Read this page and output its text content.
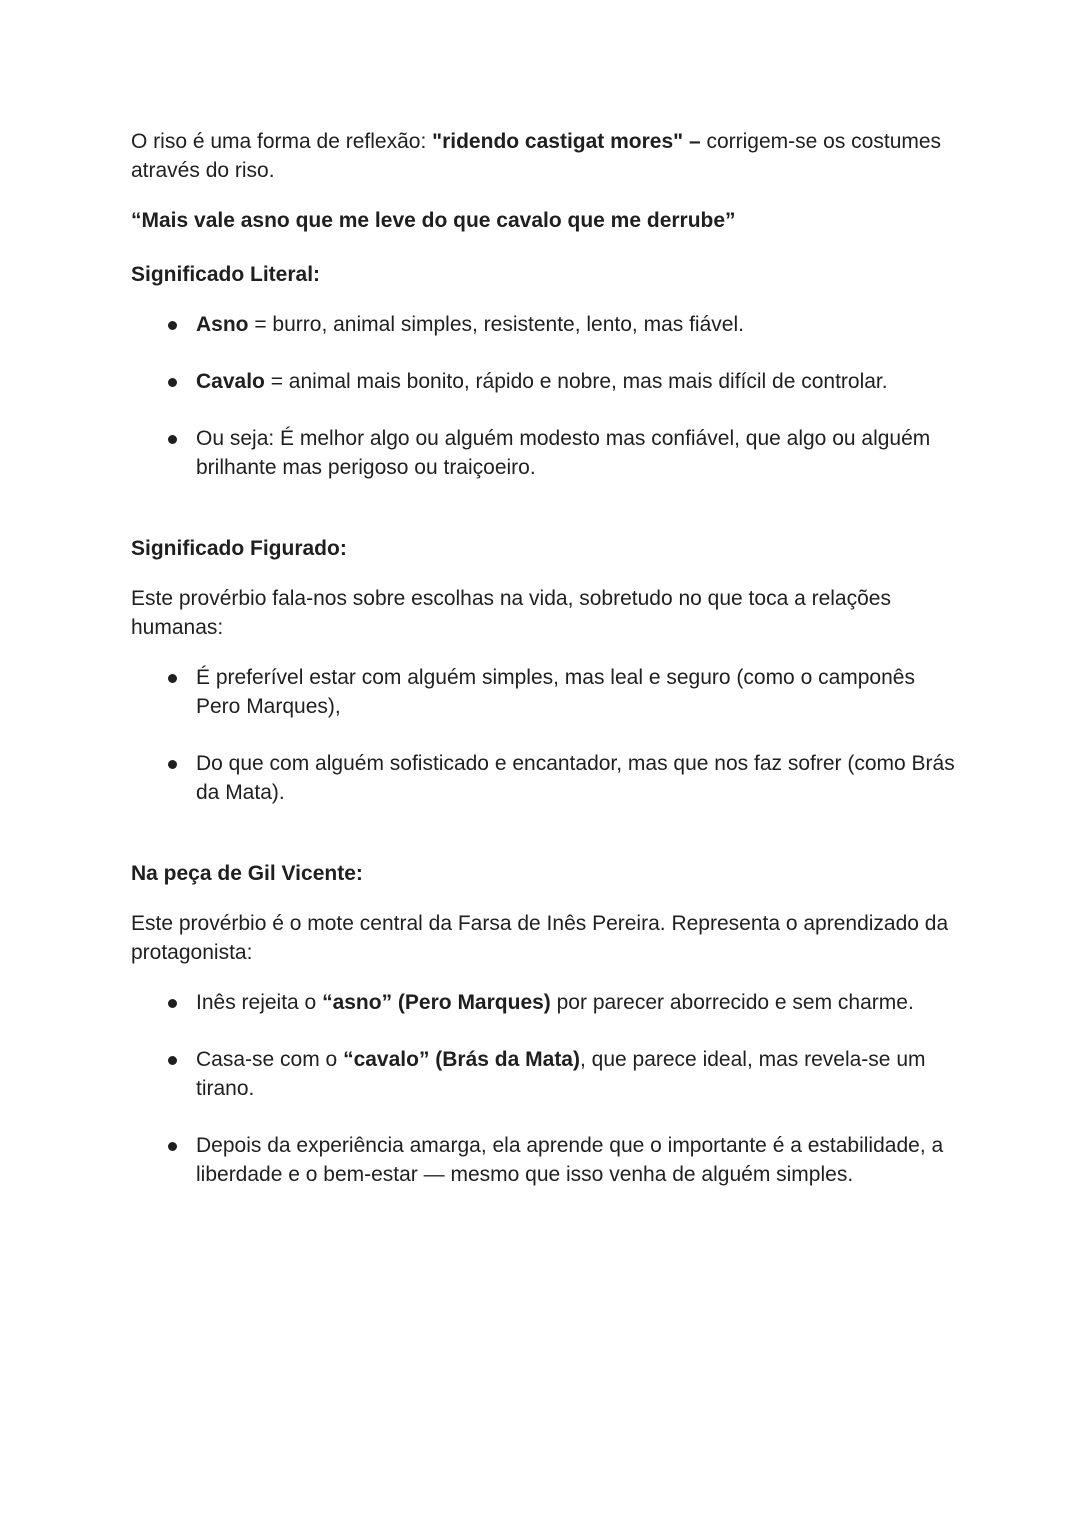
O riso é uma forma de reflexão: "ridendo castigat mores" – corrigem-se os costumes através do riso.

“Mais vale asno que me leve do que cavalo que me derrube”

Significado Literal:

Asno = burro, animal simples, resistente, lento, mas fiável.
Cavalo = animal mais bonito, rápido e nobre, mas mais difícil de controlar.
Ou seja: É melhor algo ou alguém modesto mas confiável, que algo ou alguém brilhante mas perigoso ou traiçoeiro.

Significado Figurado:

Este provérbio fala-nos sobre escolhas na vida, sobretudo no que toca a relações humanas:

É preferível estar com alguém simples, mas leal e seguro (como o camponês Pero Marques),
Do que com alguém sofisticado e encantador, mas que nos faz sofrer (como Brás da Mata).

Na peça de Gil Vicente:

Este provérbio é o mote central da Farsa de Inês Pereira. Representa o aprendizado da protagonista:

Inês rejeita o “asno” (Pero Marques) por parecer aborrecido e sem charme.
Casa-se com o “cavalo” (Brás da Mata), que parece ideal, mas revela-se um tirano.
Depois da experiência amarga, ela aprende que o importante é a estabilidade, a liberdade e o bem-estar — mesmo que isso venha de alguém simples.
